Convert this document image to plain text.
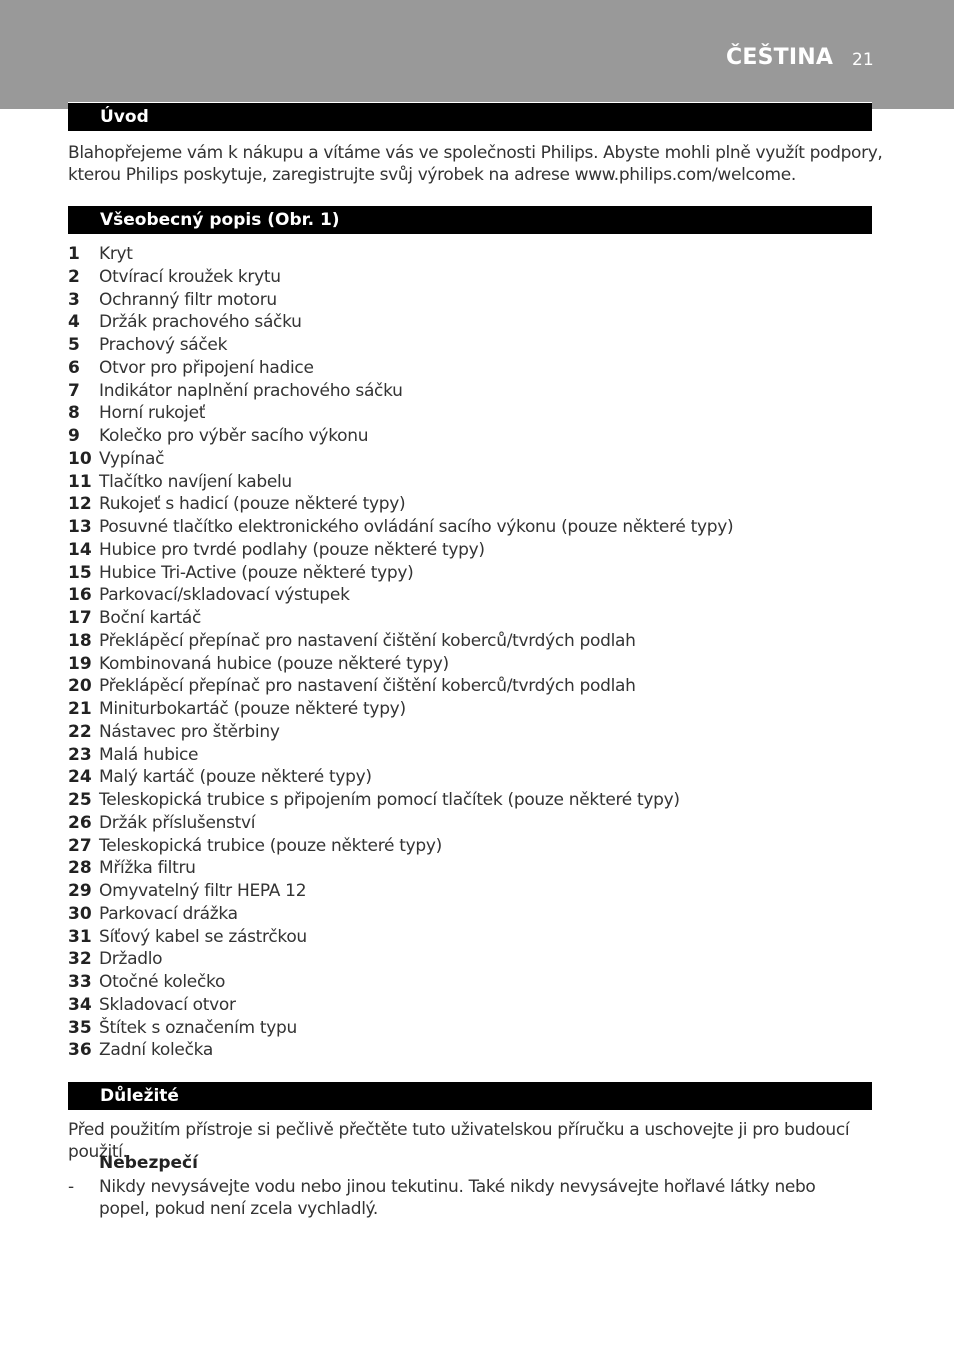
ČEŠTINA 21
Úvod

Blahopřejeme vám k nákupu a vítáme vás ve společnosti Philips. Abyste mohli plně využít podpory, kterou Philips poskytuje, zaregistrujte svůj výrobek na adrese www.philips.com/welcome.

Všeobecný popis (Obr. 1)
1 Kryt
2 Otvírací kroužek krytu
3 Ochranný filtr motoru
4 Držák prachového sáčku
5 Prachový sáček
6 Otvor pro připojení hadice
7 Indikátor naplnění prachového sáčku
8 Horní rukojeť
9 Kolečko pro výběr sacího výkonu
10 Vypínač
11 Tlačítko navíjení kabelu
12 Rukojeť s hadicí (pouze některé typy)
13 Posuvné tlačítko elektronického ovládání sacího výkonu (pouze některé typy)
14 Hubice pro tvrdé podlahy (pouze některé typy)
15 Hubice Tri-Active (pouze některé typy)
16 Parkovací/skladovací výstupek
17 Boční kartáč
18 Překlápěcí přepínač pro nastavení čištění koberců/tvrdých podlah
19 Kombinovaná hubice (pouze některé typy)
20 Překlápěcí přepínač pro nastavení čištění koberců/tvrdých podlah
21 Miniturbokartáč (pouze některé typy)
22 Nástavec pro štěrbiny
23 Malá hubice
24 Malý kartáč (pouze některé typy)
25 Teleskopická trubice s připojením pomocí tlačítek (pouze některé typy)
26 Držák příslušenství
27 Teleskopická trubice (pouze některé typy)
28 Mřížka filtru
29 Omyvatelný filtr HEPA 12
30 Parkovací drážka
31 Síťový kabel se zástrčkou
32 Držadlo
33 Otočné kolečko
34 Skladovací otvor
35 Štítek s označením typu
36 Zadní kolečka
Důležité

Před použitím přístroje si pečlivě přečtěte tuto uživatelskou příručku a uschovejte ji pro budoucí použití.

Nebezpečí
- Nikdy nevysávejte vodu nebo jinou tekutinu. Také nikdy nevysávejte hořlavé látky nebo popel, pokud není zcela vychladlý.
